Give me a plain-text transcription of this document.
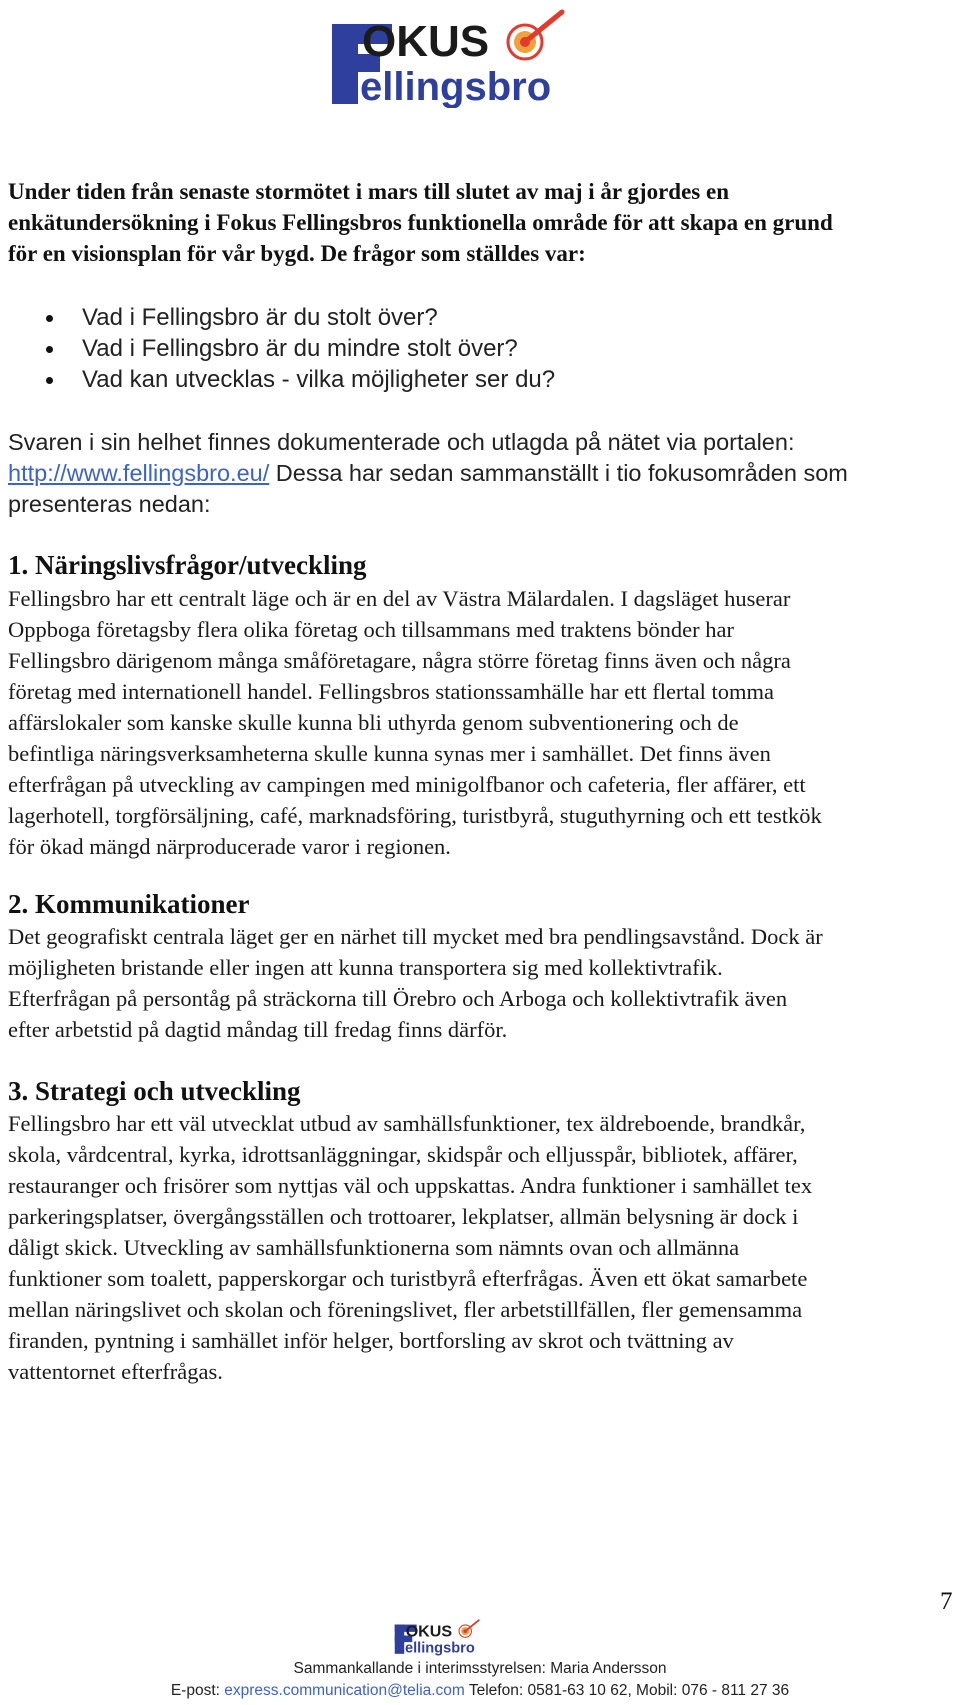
OKUS
ellingsbro
Under tiden från senaste stormötet i mars till slutet av maj i år gjordes en
enkätundersökning i Fokus Fellingsbros funktionella område för att skapa en grund
för en visionsplan för vår bygd. De frågor som ställdes var:
Vad i Fellingsbro är du stolt över?
Vad i Fellingsbro är du mindre stolt över?
Vad kan utvecklas - vilka möjligheter ser du?
Svaren i sin helhet finnes dokumenterade och utlagda på nätet via portalen:
http://www.fellingsbro.eu/ Dessa har sedan sammanställt i tio fokusområden som
presenteras nedan:
1. Näringslivsfrågor/utveckling
Fellingsbro har ett centralt läge och är en del av Västra Mälardalen. I dagsläget huserar
Oppboga företagsby flera olika företag och tillsammans med traktens bönder har
Fellingsbro därigenom många småföretagare, några större företag finns även och några
företag med internationell handel. Fellingsbros stationssamhälle har ett flertal tomma
affärslokaler som kanske skulle kunna bli uthyrda genom subventionering och de
befintliga näringsverksamheterna skulle kunna synas mer i samhället. Det finns även
efterfrågan på utveckling av campingen med minigolfbanor och cafeteria, fler affärer, ett
lagerhotell, torgförsäljning, café, marknadsföring, turistbyrå, stuguthyrning och ett testkök
för ökad mängd närproducerade varor i regionen.
2. Kommunikationer
Det geografiskt centrala läget ger en närhet till mycket med bra pendlingsavstånd. Dock är
möjligheten bristande eller ingen att kunna transportera sig med kollektivtrafik.
Efterfrågan på persontåg på sträckorna till Örebro och Arboga och kollektivtrafik även
efter arbetstid på dagtid måndag till fredag finns därför.
3. Strategi och utveckling
Fellingsbro har ett väl utvecklat utbud av samhällsfunktioner, tex äldreboende, brandkår,
skola, vårdcentral, kyrka, idrottsanläggningar, skidspår och elljusspår, bibliotek, affärer,
restauranger och frisörer som nyttjas väl och uppskattas. Andra funktioner i samhället tex
parkeringsplatser, övergångsställen och trottoarer, lekplatser, allmän belysning är dock i
dåligt skick. Utveckling av samhällsfunktionerna som nämnts ovan och allmänna
funktioner som toalett, papperskorgar och turistbyrå efterfrågas. Även ett ökat samarbete
mellan näringslivet och skolan och föreningslivet, fler arbetstillfällen, fler gemensamma
firanden, pyntning i samhället inför helger, bortforsling av skrot och tvättning av
vattentornet efterfrågas.
7
OKUS
ellingsbro
Sammankallande i interimsstyrelsen: Maria Andersson
E-post: express.communication@telia.com Telefon: 0581-63 10 62, Mobil: 076 - 811 27 36
